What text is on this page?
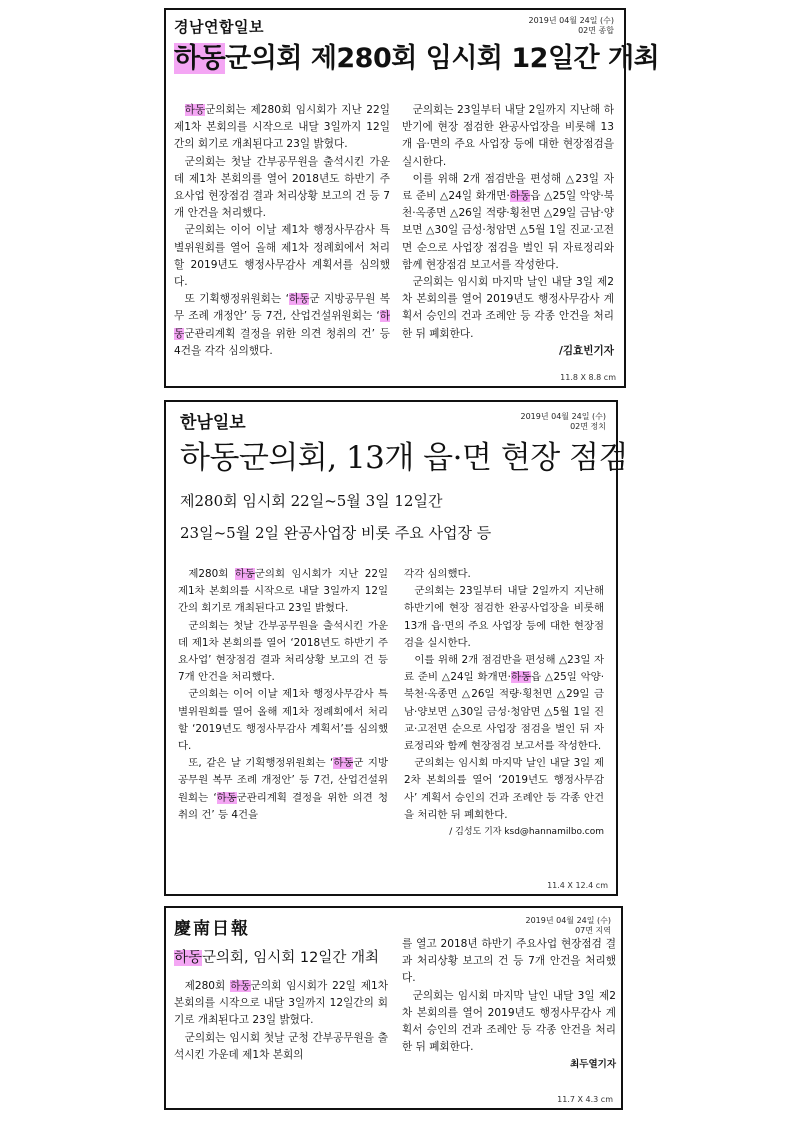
경남연합일보	2019년 04월 24일 (수)
02면 종합
하동군의회 제280회 임시회 12일간 개최

하동군의회는 제280회 임시회가 지난 22일 제1차 본회의를 시작으로 내달 3일까지 12일간의 회기로 개최된다고 23일 밝혔다.

군의회는 첫날 간부공무원을 출석시킨 가운데 제1차 본회의를 열어 2018년도 하반기 주요사업 현장점검 결과 처리상황 보고의 건 등 7개 안건을 처리했다.

군의회는 이어 이날 제1차 행정사무감사 특별위원회를 열어 올해 제1차 정례회에서 처리할 2019년도 행정사무감사 계획서를 심의했다.

또 기획행정위원회는 ‘하동군 지방공무원 복무 조례 개정안’ 등 7건, 산업건설위원회는 ‘하동군관리계획 결정을 위한 의견 청취의 건’ 등 4건을 각각 심의했다.

군의회는 23일부터 내달 2일까지 지난해 하반기에 현장 점검한 완공사업장을 비롯해 13개 읍·면의 주요 사업장 등에 대한 현장점검을 실시한다.

이를 위해 2개 점검반을 편성해 △23일 자료 준비 △24일 화개면·하동읍 △25일 악양·북천·옥종면 △26일 적량·횡천면 △29일 금남·양보면 △30일 금성·청암면 △5월 1일 진교·고전면 순으로 사업장 점검을 벌인 뒤 자료정리와 함께 현장점검 보고서를 작성한다.

군의회는 임시회 마지막 날인 내달 3일 제2차 본회의를 열어 2019년도 행정사무감사 계획서 승인의 건과 조례안 등 각종 안건을 처리한 뒤 폐회한다.

/김효빈기자
11.8 X 8.8 cm
한남일보	2019년 04월 24일 (수)
02면 정치
하동군의회, 13개 읍·면 현장 점검
제280회 임시회 22일~5월 3일 12일간
23일~5월 2일 완공사업장 비롯 주요 사업장 등

제280회 하동군의회 임시회가 지난 22일 제1차 본회의를 시작으로 내달 3일까지 12일간의 회기로 개최된다고 23일 밝혔다.

군의회는 첫날 간부공무원을 출석시킨 가운데 제1차 본회의를 열어 ‘2018년도 하반기 주요사업’ 현장점검 결과 처리상황 보고의 건 등 7개 안건을 처리했다.

군의회는 이어 이날 제1차 행정사무감사 특별위원회를 열어 올해 제1차 정례회에서 처리할 ‘2019년도 행정사무감사 계획서’를 심의했다.

또, 같은 날 기획행정위원회는 ‘하동군 지방공무원 복무 조례 개정안’ 등 7건, 산업건설위원회는 ‘하동군관리계획 결정을 위한 의견 청취의 건’ 등 4건을

각각 심의했다.

군의회는 23일부터 내달 2일까지 지난해 하반기에 현장 점검한 완공사업장을 비롯해 13개 읍·면의 주요 사업장 등에 대한 현장점검을 실시한다.

이를 위해 2개 점검반을 편성해 △23일 자료 준비 △24일 화개면·하동읍 △25일 악양·북천·옥종면 △26일 적량·횡천면 △29일 금남·양보면 △30일 금성·청암면 △5월 1일 진교·고전면 순으로 사업장 점검을 벌인 뒤 자료정리와 함께 현장점검 보고서를 작성한다.

군의회는 임시회 마지막 날인 내달 3일 제2차 본회의를 열어 ‘2019년도 행정사무감사’ 계획서 승인의 건과 조례안 등 각종 안건을 처리한 뒤 폐회한다.

/ 김성도 기자 ksd@hannamilbo.com
11.4 X 12.4 cm
慶南日報	2019년 04월 24일 (수)
07면 지역
하동군의회, 임시회 12일간 개최

제280회 하동군의회 임시회가 22일 제1차 본회의를 시작으로 내달 3일까지 12일간의 회기로 개최된다고 23일 밝혔다.

군의회는 임시회 첫날 군청 간부공무원을 출석시킨 가운데 제1차 본회의

를 열고 2018년 하반기 주요사업 현장점검 결과 처리상황 보고의 건 등 7개 안건을 처리했다.

군의회는 임시회 마지막 날인 내달 3일 제2차 본회의를 열어 2019년도 행정사무감사 계획서 승인의 건과 조례안 등 각종 안건을 처리한 뒤 폐회한다.

최두열기자
11.7 X 4.3 cm
